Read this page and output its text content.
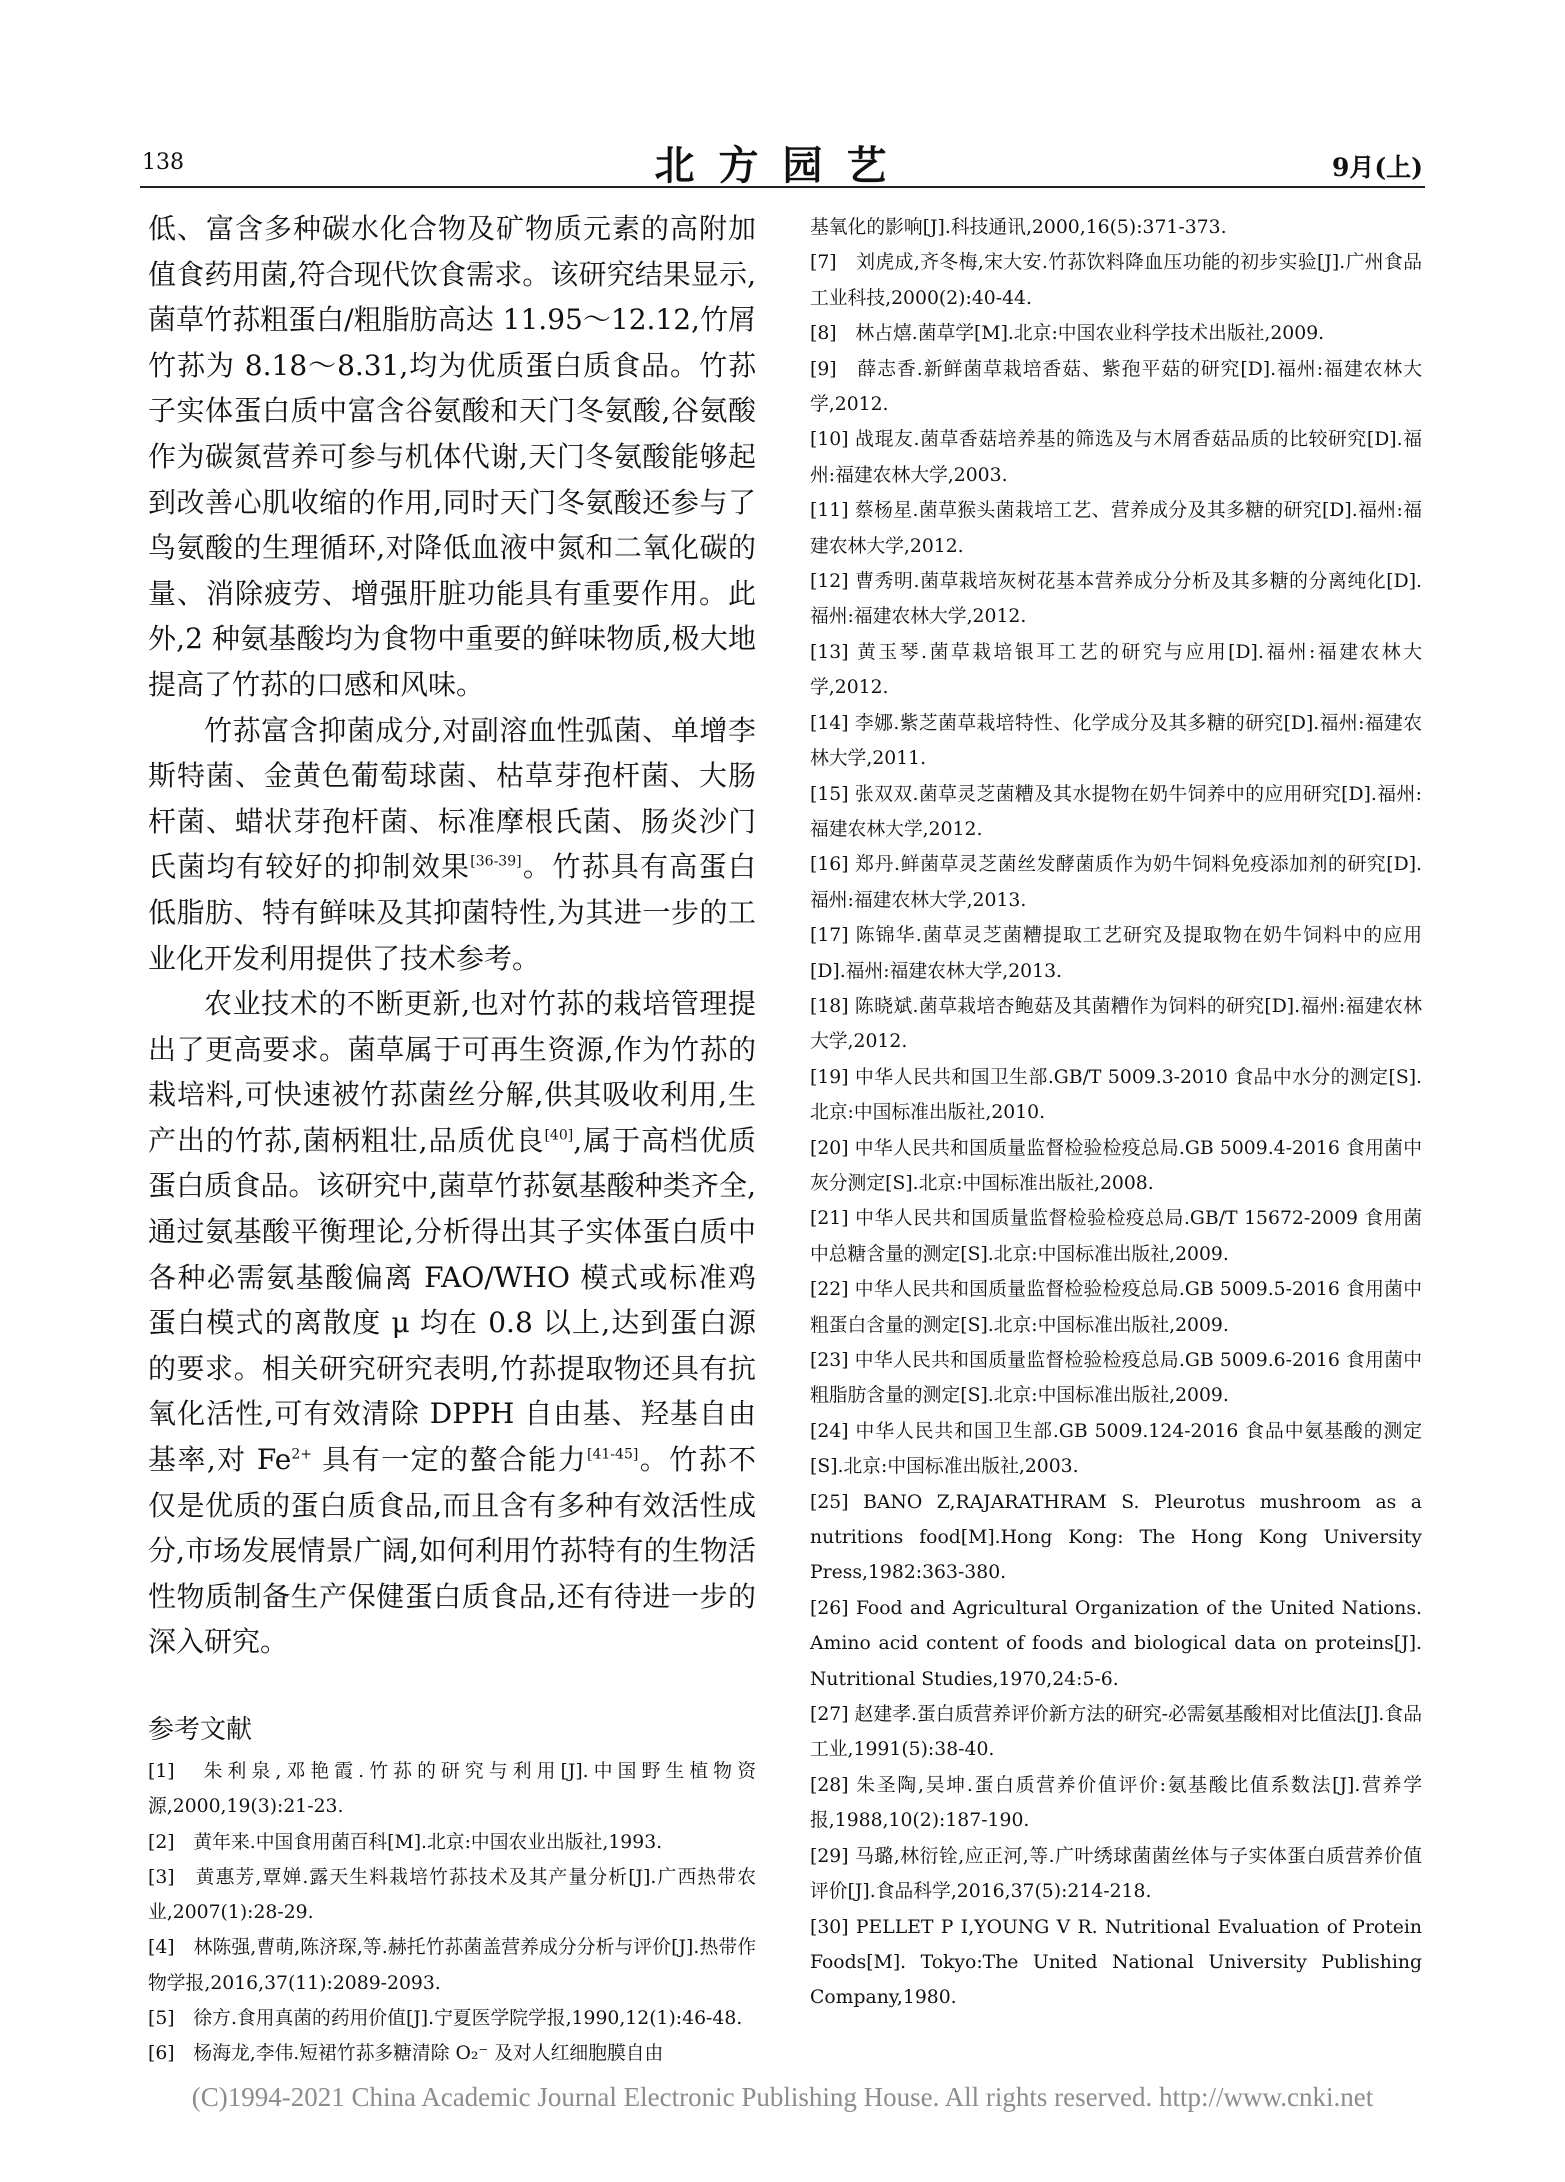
138	北方园艺	9月(上)

低、富含多种碳水化合物及矿物质元素的高附加值食药用菌,符合现代饮食需求。该研究结果显示,菌草竹荪粗蛋白/粗脂肪高达 11.95～12.12,竹屑竹荪为 8.18～8.31,均为优质蛋白质食品。竹荪子实体蛋白质中富含谷氨酸和天门冬氨酸,谷氨酸作为碳氮营养可参与机体代谢,天门冬氨酸能够起到改善心肌收缩的作用,同时天门冬氨酸还参与了鸟氨酸的生理循环,对降低血液中氮和二氧化碳的量、消除疲劳、增强肝脏功能具有重要作用。此外,2 种氨基酸均为食物中重要的鲜味物质,极大地提高了竹荪的口感和风味。

竹荪富含抑菌成分,对副溶血性弧菌、单增李斯特菌、金黄色葡萄球菌、枯草芽孢杆菌、大肠杆菌、蜡状芽孢杆菌、标准摩根氏菌、肠炎沙门氏菌均有较好的抑制效果[36-39]。竹荪具有高蛋白低脂肪、特有鲜味及其抑菌特性,为其进一步的工业化开发利用提供了技术参考。

农业技术的不断更新,也对竹荪的栽培管理提出了更高要求。菌草属于可再生资源,作为竹荪的栽培料,可快速被竹荪菌丝分解,供其吸收利用,生产出的竹荪,菌柄粗壮,品质优良[40],属于高档优质蛋白质食品。该研究中,菌草竹荪氨基酸种类齐全,通过氨基酸平衡理论,分析得出其子实体蛋白质中各种必需氨基酸偏离 FAO/WHO 模式或标准鸡蛋白模式的离散度 μ 均在 0.8 以上,达到蛋白源的要求。相关研究研究表明,竹荪提取物还具有抗氧化活性,可有效清除 DPPH 自由基、羟基自由基率,对 $Fe^{2+}$ 具有一定的螯合能力[41-45]。竹荪不仅是优质的蛋白质食品,而且含有多种有效活性成分,市场发展情景广阔,如何利用竹荪特有的生物活性物质制备生产保健蛋白质食品,还有待进一步的深入研究。

参考文献

[1]　朱利泉,邓艳霞.竹荪的研究与利用[J].中国野生植物资源,2000,19(3):21-23.

[2]　黄年来.中国食用菌百科[M].北京:中国农业出版社,1993.

[3]　黄惠芳,覃婵.露天生料栽培竹荪技术及其产量分析[J].广西热带农业,2007(1):28-29.

[4]　林陈强,曹萌,陈济琛,等.赫托竹荪菌盖营养成分分析与评价[J].热带作物学报,2016,37(11):2089-2093.

[5]　徐方.食用真菌的药用价值[J].宁夏医学院学报,1990,12(1):46-48.

[6]　杨海龙,李伟.短裙竹荪多糖清除 O₂⁻ 及对人红细胞膜自由

基氧化的影响[J].科技通讯,2000,16(5):371-373.

[7]　刘虎成,齐冬梅,宋大安.竹荪饮料降血压功能的初步实验[J].广州食品工业科技,2000(2):40-44.

[8]　林占熺.菌草学[M].北京:中国农业科学技术出版社,2009.

[9]　薛志香.新鲜菌草栽培香菇、紫孢平菇的研究[D].福州:福建农林大学,2012.

[10] 战琨友.菌草香菇培养基的筛选及与木屑香菇品质的比较研究[D].福州:福建农林大学,2003.

[11] 蔡杨星.菌草猴头菌栽培工艺、营养成分及其多糖的研究[D].福州:福建农林大学,2012.

[12] 曹秀明.菌草栽培灰树花基本营养成分分析及其多糖的分离纯化[D].福州:福建农林大学,2012.

[13] 黄玉琴.菌草栽培银耳工艺的研究与应用[D].福州:福建农林大学,2012.

[14] 李娜.紫芝菌草栽培特性、化学成分及其多糖的研究[D].福州:福建农林大学,2011.

[15] 张双双.菌草灵芝菌糟及其水提物在奶牛饲养中的应用研究[D].福州:福建农林大学,2012.

[16] 郑丹.鲜菌草灵芝菌丝发酵菌质作为奶牛饲料免疫添加剂的研究[D].福州:福建农林大学,2013.

[17] 陈锦华.菌草灵芝菌糟提取工艺研究及提取物在奶牛饲料中的应用[D].福州:福建农林大学,2013.

[18] 陈晓斌.菌草栽培杏鲍菇及其菌糟作为饲料的研究[D].福州:福建农林大学,2012.

[19] 中华人民共和国卫生部.GB/T 5009.3-2010 食品中水分的测定[S].北京:中国标准出版社,2010.

[20] 中华人民共和国质量监督检验检疫总局.GB 5009.4-2016 食用菌中灰分测定[S].北京:中国标准出版社,2008.

[21] 中华人民共和国质量监督检验检疫总局.GB/T 15672-2009 食用菌中总糖含量的测定[S].北京:中国标准出版社,2009.

[22] 中华人民共和国质量监督检验检疫总局.GB 5009.5-2016 食用菌中粗蛋白含量的测定[S].北京:中国标准出版社,2009.

[23] 中华人民共和国质量监督检验检疫总局.GB 5009.6-2016 食用菌中粗脂肪含量的测定[S].北京:中国标准出版社,2009.

[24] 中华人民共和国卫生部.GB 5009.124-2016 食品中氨基酸的测定[S].北京:中国标准出版社,2003.

[25] BANO Z,RAJARATHRAM S. Pleurotus mushroom as a nutritions food[M].Hong Kong: The Hong Kong University Press,1982:363-380.

[26] Food and Agricultural Organization of the United Nations. Amino acid content of foods and biological data on proteins[J]. Nutritional Studies,1970,24:5-6.

[27] 赵建孝.蛋白质营养评价新方法的研究-必需氨基酸相对比值法[J].食品工业,1991(5):38-40.

[28] 朱圣陶,吴坤.蛋白质营养价值评价:氨基酸比值系数法[J].营养学报,1988,10(2):187-190.

[29] 马璐,林衍铨,应正河,等.广叶绣球菌菌丝体与子实体蛋白质营养价值评价[J].食品科学,2016,37(5):214-218.

[30] PELLET P I,YOUNG V R. Nutritional Evaluation of Protein Foods[M]. Tokyo:The United National University Publishing Company,1980.

(C)1994-2021 China Academic Journal Electronic Publishing House. All rights reserved. http://www.cnki.net
